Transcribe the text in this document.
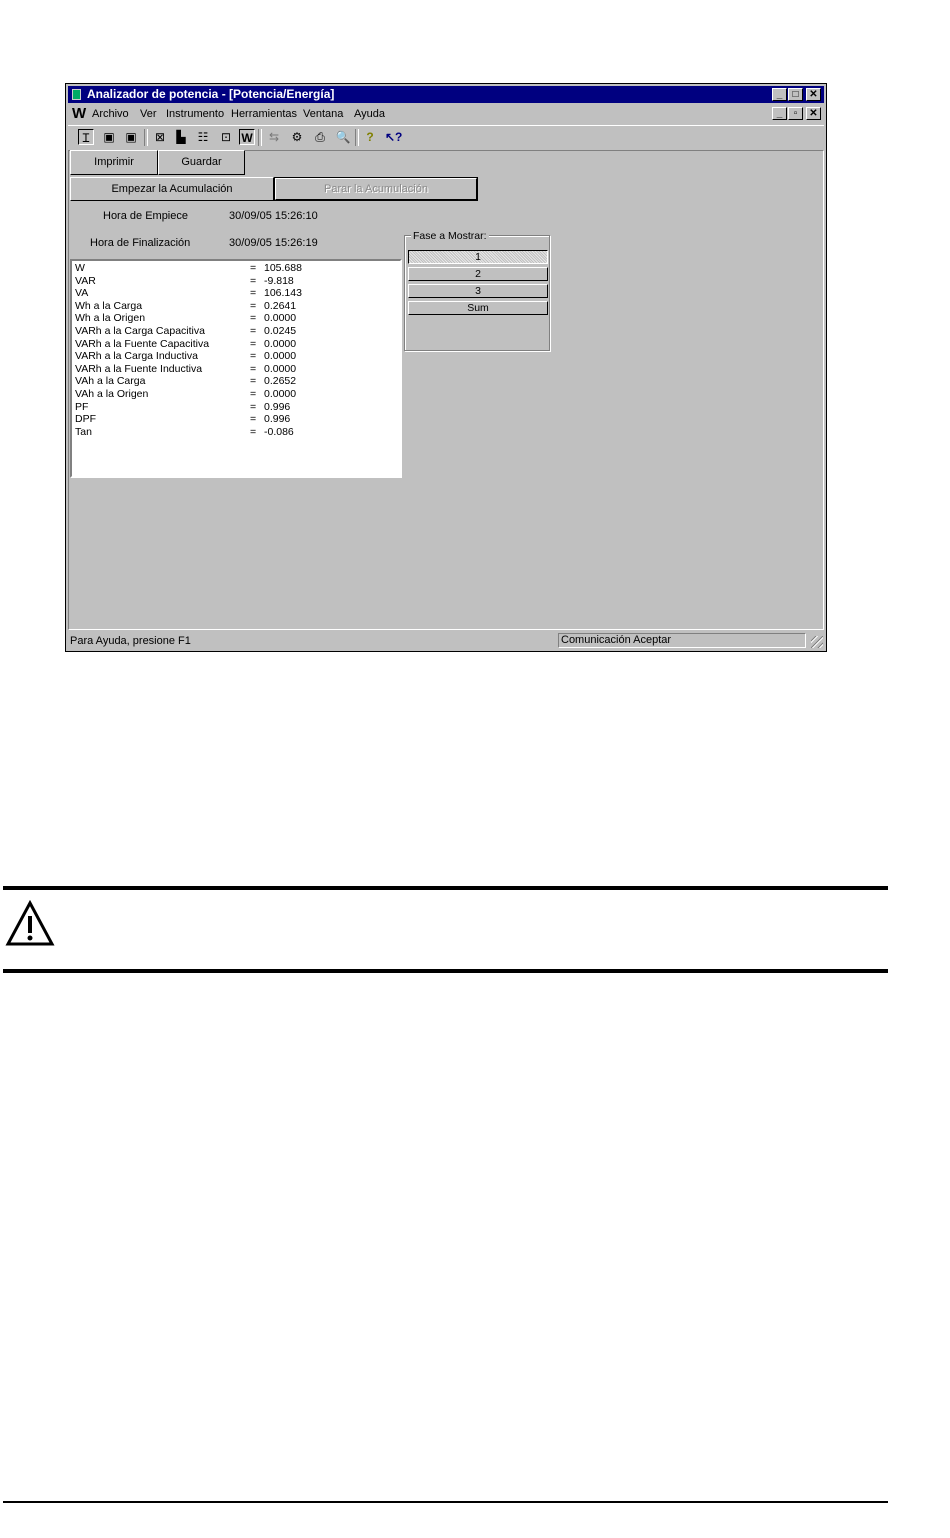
Analizador de potencia - [Potencia/Energía]	_	□	✕
W Archivo Ver Instrumento Herramientas Ventana Ayuda	_	▫	✕
Ɪ	▣ ▣ ⊠ ▙ ☷ ⊡ W ⇆ ⚙ ⎙ 🔍	? ↖?
Para Ayuda, presione F1	Comunicación Aceptar
Imprimir	Guardar
Empezar la Acumulación	Parar la Acumulación
Hora de Empiece	30/09/05 15:26:10
Hora de Finalización	30/09/05 15:26:19
W	= 105.688
VAR	= -9.818
VA	= 106.143
Wh a la Carga	= 0.2641
Wh a la Origen	= 0.0000
VARh a la Carga Capacitiva	= 0.0245
VARh a la Fuente Capacitiva	= 0.0000
VARh a la Carga Inductiva	= 0.0000
VARh a la Fuente Inductiva	= 0.0000
VAh a la Carga	= 0.2652
VAh a la Origen	= 0.0000
PF	= 0.996
DPF	= 0.996
Tan	= -0.086
Fase a Mostrar:
1
2
3
Sum
